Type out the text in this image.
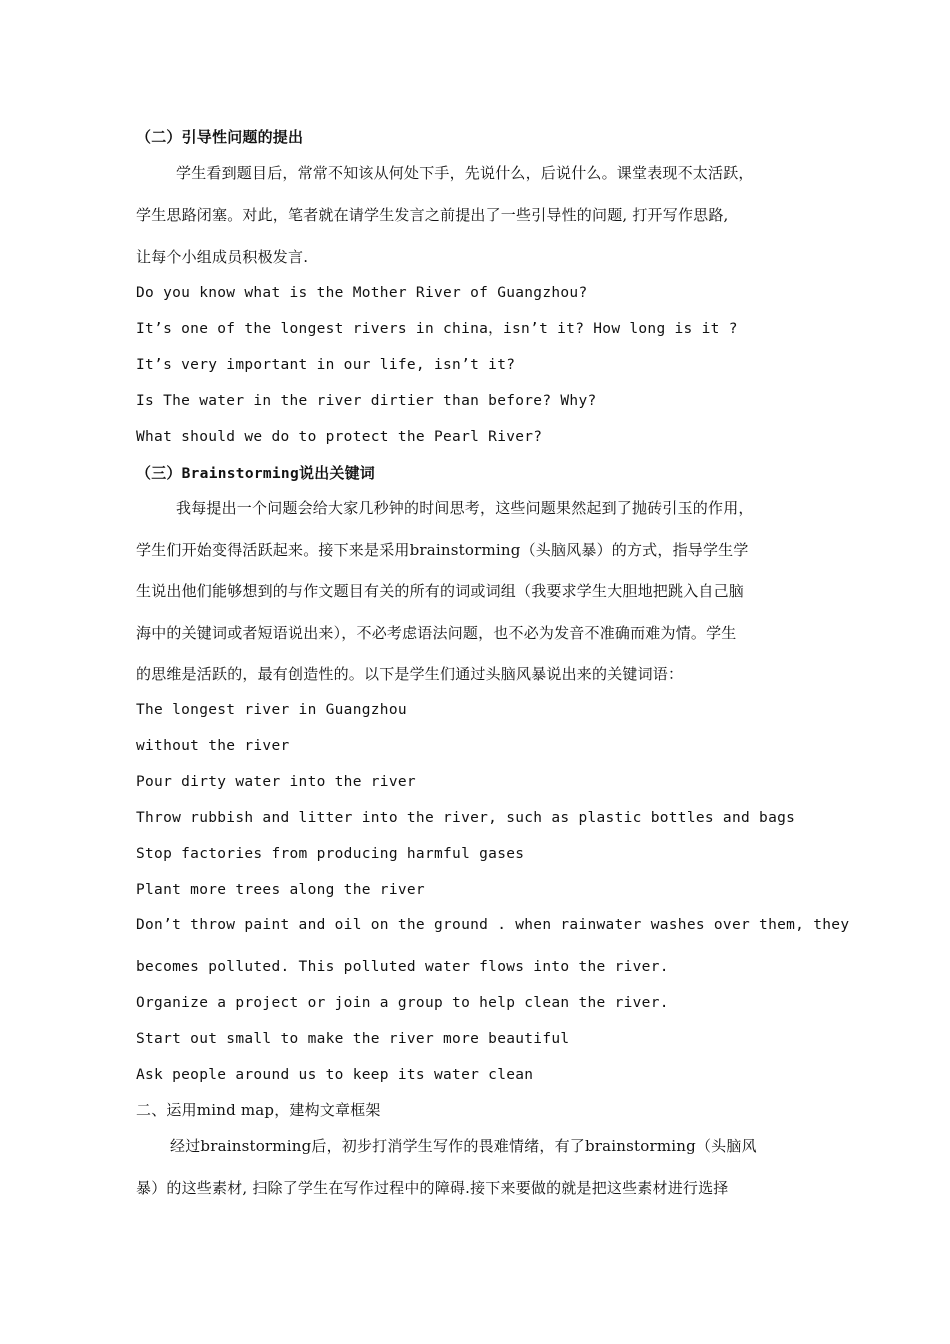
（二）引导性问题的提出
学生看到题目后，常常不知该从何处下手，先说什么，后说什么。课堂表现不太活跃，
学生思路闭塞。对此，笔者就在请学生发言之前提出了一些引导性的问题, 打开写作思路,
让每个小组成员积极发言.
Do you know what is the Mother River of Guangzhou?
It’s one of the longest rivers in china，isn’t it? How long is it ?
It’s very important in our life, isn’t it?
Is The water in the river dirtier than before? Why?
What should we do to protect the Pearl River?
（三）Brainstorming说出关键词
我每提出一个问题会给大家几秒钟的时间思考，这些问题果然起到了抛砖引玉的作用，
学生们开始变得活跃起来。接下来是采用brainstorming（头脑风暴）的方式，指导学生学
生说出他们能够想到的与作文题目有关的所有的词或词组（我要求学生大胆地把跳入自己脑
海中的关键词或者短语说出来），不必考虑语法问题，也不必为发音不准确而难为情。学生
的思维是活跃的，最有创造性的。以下是学生们通过头脑风暴说出来的关键词语：
The longest river in Guangzhou
without the river
Pour dirty water into the river
Throw rubbish and litter into the river, such as plastic bottles and bags
Stop factories from producing harmful gases
Plant more trees along the river
Don’t throw paint and oil on the ground . when rainwater washes over them, they
becomes polluted. This polluted water flows into the river.
Organize a project or join a group to help clean the river.
Start out small to make the river more beautiful
Ask people around us to keep its water clean
二、运用mind map，建构文章框架
经过brainstorming后，初步打消学生写作的畏难情绪，有了brainstorming（头脑风
暴）的这些素材, 扫除了学生在写作过程中的障碍.接下来要做的就是把这些素材进行选择
